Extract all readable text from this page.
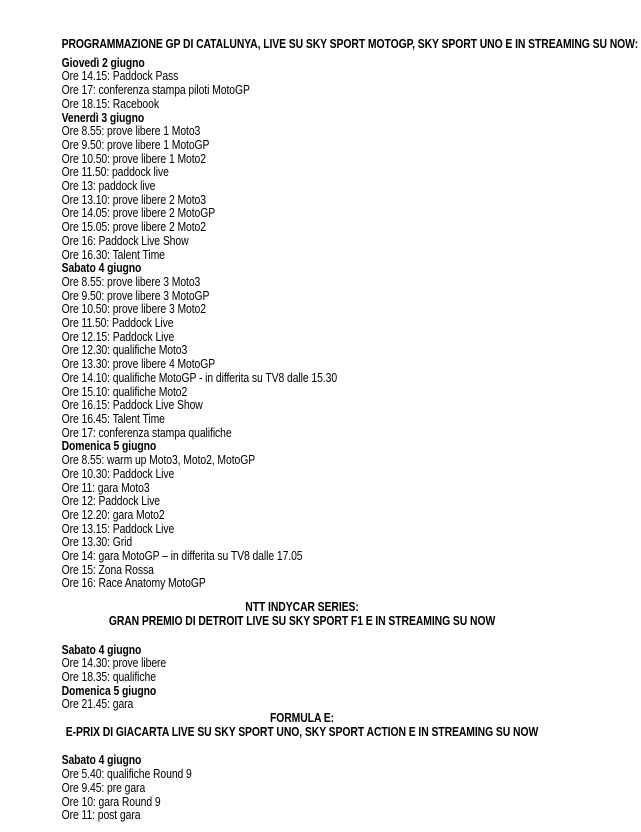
PROGRAMMAZIONE GP DI CATALUNYA, LIVE SU SKY SPORT MOTOGP, SKY SPORT UNO E IN STREAMING SU NOW:
Giovedì 2 giugno
Ore 14.15: Paddock Pass
Ore 17: conferenza stampa piloti MotoGP
Ore 18.15: Racebook
Venerdì 3 giugno
Ore 8.55: prove libere 1 Moto3
Ore 9.50: prove libere 1 MotoGP
Ore 10.50: prove libere 1 Moto2
Ore 11.50: paddock live
Ore 13: paddock live
Ore 13.10: prove libere 2 Moto3
Ore 14.05: prove libere 2 MotoGP
Ore 15.05: prove libere 2 Moto2
Ore 16: Paddock Live Show
Ore 16.30: Talent Time
Sabato 4 giugno
Ore 8.55: prove libere 3 Moto3
Ore 9.50: prove libere 3 MotoGP
Ore 10.50: prove libere 3 Moto2
Ore 11.50: Paddock Live
Ore 12.15: Paddock Live
Ore 12.30: qualifiche Moto3
Ore 13.30: prove libere 4 MotoGP
Ore 14.10: qualifiche MotoGP - in differita su TV8 dalle 15.30
Ore 15.10: qualifiche Moto2
Ore 16.15: Paddock Live Show
Ore 16.45: Talent Time
Ore 17: conferenza stampa qualifiche
Domenica 5 giugno
Ore 8.55: warm up Moto3, Moto2, MotoGP
Ore 10.30: Paddock Live
Ore 11: gara Moto3
Ore 12: Paddock Live
Ore 12.20: gara Moto2
Ore 13.15: Paddock Live
Ore 13.30: Grid
Ore 14: gara MotoGP – in differita su TV8 dalle 17.05
Ore 15: Zona Rossa
Ore 16: Race Anatomy MotoGP
NTT INDYCAR SERIES:
GRAN PREMIO DI DETROIT LIVE SU SKY SPORT F1 E IN STREAMING SU NOW
Sabato 4 giugno
Ore 14.30: prove libere
Ore 18.35: qualifiche
Domenica 5 giugno
Ore 21.45: gara
FORMULA E:
E-PRIX DI GIACARTA LIVE SU SKY SPORT UNO, SKY SPORT ACTION E IN STREAMING SU NOW
Sabato 4 giugno
Ore 5.40: qualifiche Round 9
Ore 9.45: pre gara
Ore 10: gara Round 9
Ore 11: post gara
